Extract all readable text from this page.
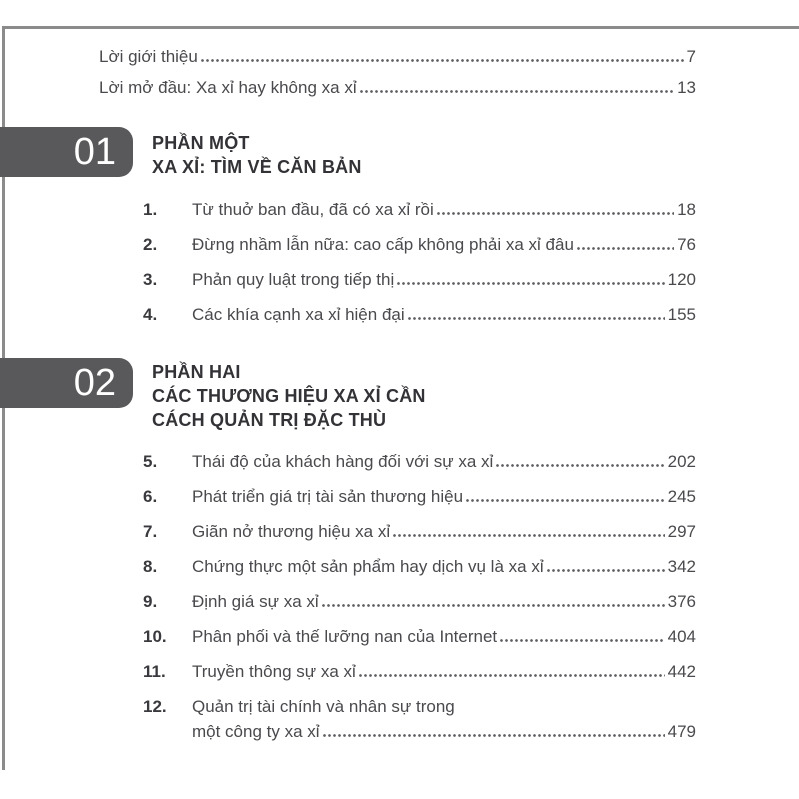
Lời giới thiệu	7
Lời mở đầu: Xa xỉ hay không xa xỉ	13
01 PHẦN MỘT
XA XỈ: TÌM VỀ CĂN BẢN
1.	Từ thuở ban đầu, đã có xa xỉ rồi	18
2.	Đừng nhầm lẫn nữa: cao cấp không phải xa xỉ đâu	76
3.	Phản quy luật trong tiếp thị	120
4.	Các khía cạnh xa xỉ hiện đại	155
02 PHẦN HAI
CÁC THƯƠNG HIỆU XA XỈ CẦN
CÁCH QUẢN TRỊ ĐẶC THÙ
5.	Thái độ của khách hàng đối với sự xa xỉ	202
6.	Phát triển giá trị tài sản thương hiệu	245
7.	Giãn nở thương hiệu xa xỉ	297
8.	Chứng thực một sản phẩm hay dịch vụ là xa xỉ	342
9.	Định giá sự xa xỉ	376
10.	Phân phối và thế lưỡng nan của Internet	404
11.	Truyền thông sự xa xỉ	442
12.	Quản trị tài chính và nhân sự trong
một công ty xa xỉ	479
